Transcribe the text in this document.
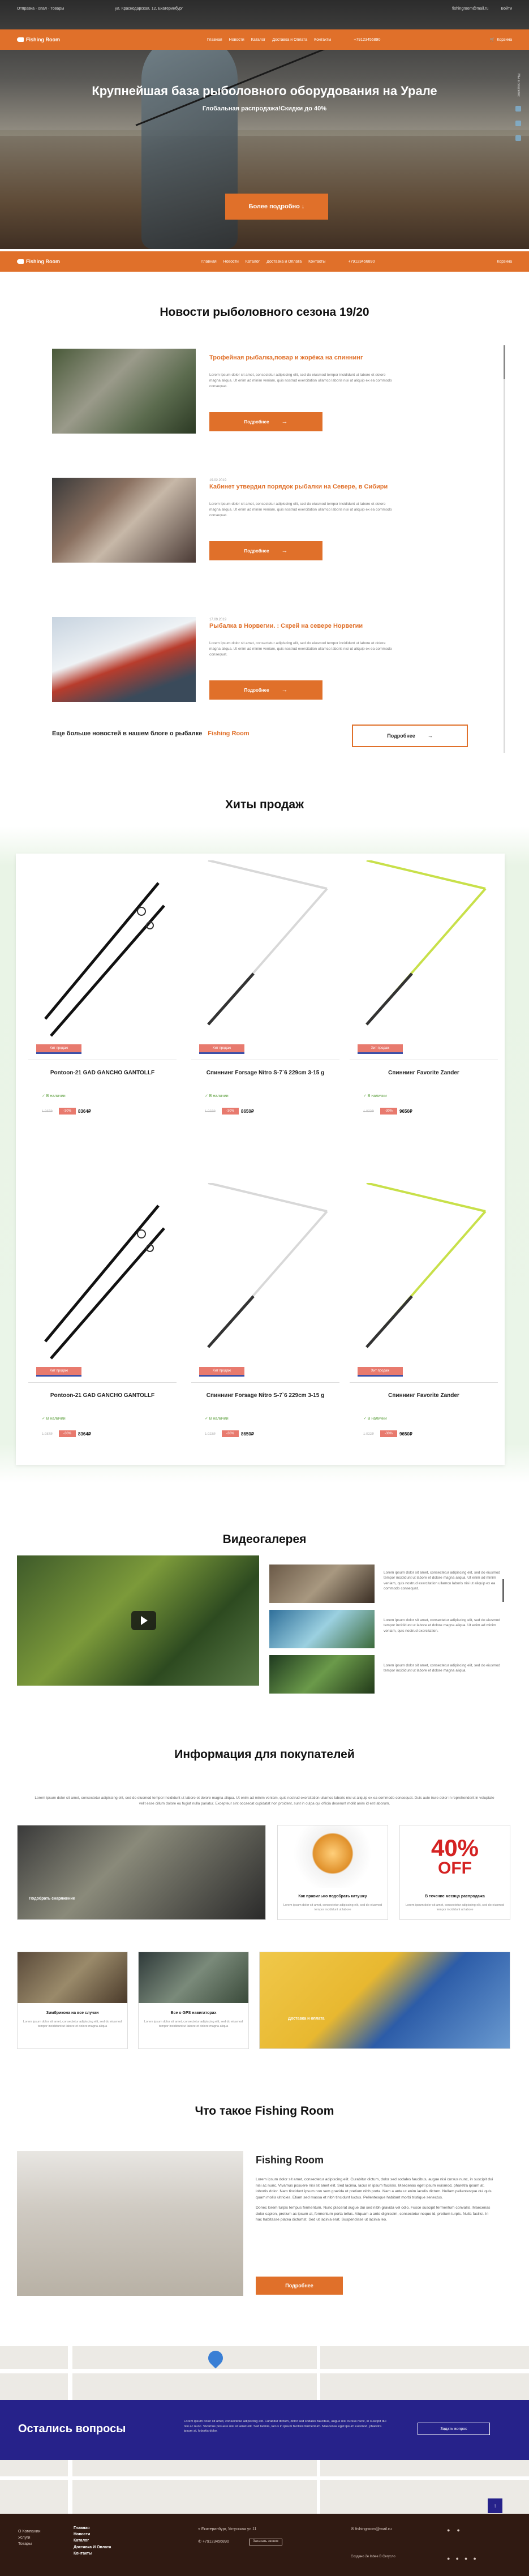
Отправка · опал · Товары	ул. Краснодарская, 12, Екатеринбург	fishingroom@mail.ru	Войти
Fishing Room	Главная Новости Каталог Доставка и Оплата Контакты	+79123456890	🛒 Корзина
Крупнейшая база рыболовного оборудования на Урале
Глобальная распродажа!Скидки до 40%
Более подробно ↓
Мы в соцсетях
Fishing Room	Главная Новости Каталог Доставка и Оплата Контакты	+79123456890	Корзина
Новости рыболовного сезона 19/20
Трофейная рыбалка,повар и жорёжа на спиннинг
Lorem ipsum dolor sit amet, consectetur adipiscing elit, sed do eiusmod tempor incididunt ut labore et dolore magna aliqua. Ut enim ad minim veniam, quis nostrud exercitation ullamco laboris nisi ut aliquip ex ea commodo consequat.
Подробнее →
19.02.2019
Кабинет утвердил порядок рыбалки на Севере, в Сибири
Lorem ipsum dolor sit amet, consectetur adipiscing elit, sed do eiusmod tempor incididunt ut labore et dolore magna aliqua. Ut enim ad minim veniam, quis nostrud exercitation ullamco laboris nisi ut aliquip ex ea commodo consequat.
Подробнее →
17.09.2019
Рыбалка в Норвегии. : Скрей на севере Норвегии
Lorem ipsum dolor sit amet, consectetur adipiscing elit, sed do eiusmod tempor incididunt ut labore et dolore magna aliqua. Ut enim ad minim veniam, quis nostrud exercitation ullamco laboris nisi ut aliquip ex ea commodo consequat.
Подробнее →
Еще больше новостей в нашем блоге о рыбалке Fishing Room	Подробнее →
Хиты продаж
Хит продаж
Pontoon-21 GAD GANCHO GANTOLLF
✓ В наличии
1 987₽	-30%	8364₽
Хит продаж
Спиннинг Forsage Nitro S-7`6 229cm 3-15 g
✓ В наличии
1 023₽	-30%	8650₽
Хит продаж
Спиннинг Favorite Zander
✓ В наличии
1 022₽	-30%	9650₽
Хит продаж
Pontoon-21 GAD GANCHO GANTOLLF
✓ В наличии
1 987₽	-30%	8364₽
Хит продаж
Спиннинг Forsage Nitro S-7`6 229cm 3-15 g
✓ В наличии
1 023₽	-30%	8650₽
Хит продаж
Спиннинг Favorite Zander
✓ В наличии
1 022₽	-30%	9650₽
Видеогалерея
Lorem ipsum dolor sit amet, consectetur adipiscing elit, sed do eiusmod tempor incididunt ut labore et dolore magna aliqua. Ut enim ad minim veniam, quis nostrud exercitation ullamco laboris nisi ut aliquip ex ea commodo consequat.
Lorem ipsum dolor sit amet, consectetur adipiscing elit, sed do eiusmod tempor incididunt ut labore et dolore magna aliqua. Ut enim ad minim veniam, quis nostrud exercitation.
Lorem ipsum dolor sit amet, consectetur adipiscing elit, sed do eiusmod tempor incididunt ut labore et dolore magna aliqua.
Информация для покупателей
Lorem ipsum dolor sit amet, consectetur adipiscing elit, sed do eiusmod tempor incididunt ut labore et dolore magna aliqua. Ut enim ad minim veniam, quis nostrud exercitation ullamco laboris nisi ut aliquip ex ea commodo consequat. Duis aute irure dolor in reprehenderit in voluptate velit esse cillum dolore eu fugiat nulla pariatur. Excepteur sint occaecat cupidatat non proident, sunt in culpa qui officia deserunt mollit anim id est laborum.
Подобрать снаряжение
Как правильно подобрать катушку
Lorem ipsum dolor sit amet, consectetur adipiscing elit, sed do eiusmod tempor incididunt ut labore
40%
OFF
В течение месяца распродажа
Lorem ipsum dolor sit amet, consectetur adipiscing elit, sed do eiusmod tempor incididunt ut labore
Зимбрикона на все случаи
Lorem ipsum dolor sit amet, consectetur adipiscing elit, sed do eiusmod tempor incididunt ut labore et dolore magna aliqua
Все о GPS навигаторах
Lorem ipsum dolor sit amet, consectetur adipiscing elit, sed do eiusmod tempor incididunt ut labore et dolore magna aliqua
Доставка и оплата
Что такое Fishing Room
Fishing Room

Lorem ipsum dolor sit amet, consectetur adipiscing elit. Curabitur dictum, dolor sed sodales faucibus, augue nisi cursus nunc, in suscipit dui nisi ac nunc. Vivamus posuere nisi sit amet elit. Sed lacinia, lacus in ipsum facilisis. Maecenas eget ipsum euismod, pharetra ipsum at, lobortis dolor. Nam tincidunt ipsum non sem gravida ut pretium nibh porta. Nam a ante ut enim iaculis dictum. Nullam pellentesque dui quis quam mollis ultricies. Etiam sed massa et nibh tincidunt luctus. Pellentesque habitant morbi tristique senectus.

Donec lorem turpis tempus fermentum. Nunc placerat augue dui sed nibh gravida vel odio. Fusce suscipit fermentum convallis. Maecenas dolor sapien, pretium ac ipsum at, fermentum porta tellus. Aliquam a ante dignissim, consectetur neque id, pretium turpis. Nulla facilisi. In hac habitasse platea dictumst. Sed ut lacinia erat. Suspendisse ut lacinia leo.

Подробнее
Остались вопросы
Lorem ipsum dolor sit amet, consectetur adipiscing elit. Curabitur dictum, dolor sed sodales faucibus, augue nisi cursus nunc, in suscipit dui nisi ac nunc. Vivamus posuere nisi sit amet elit. Sed lacinia, lacus in ipsum facilisis fermentum. Maecenas eget ipsum euismod, pharetra ipsum at, lobortis dolor.
Задать вопрос
↑
О Компании
Услуги
Товары
Главная
Новости
Каталог
Доставка И Оплата
Контакты
⌖ Екатеринбург, Уктусская ул.11
✆ +79123456890	Заказать звонок
✉ fishingroom@mail.ru
Создано 2e Inbee В Сегусло
● ●
● ● ● ●
